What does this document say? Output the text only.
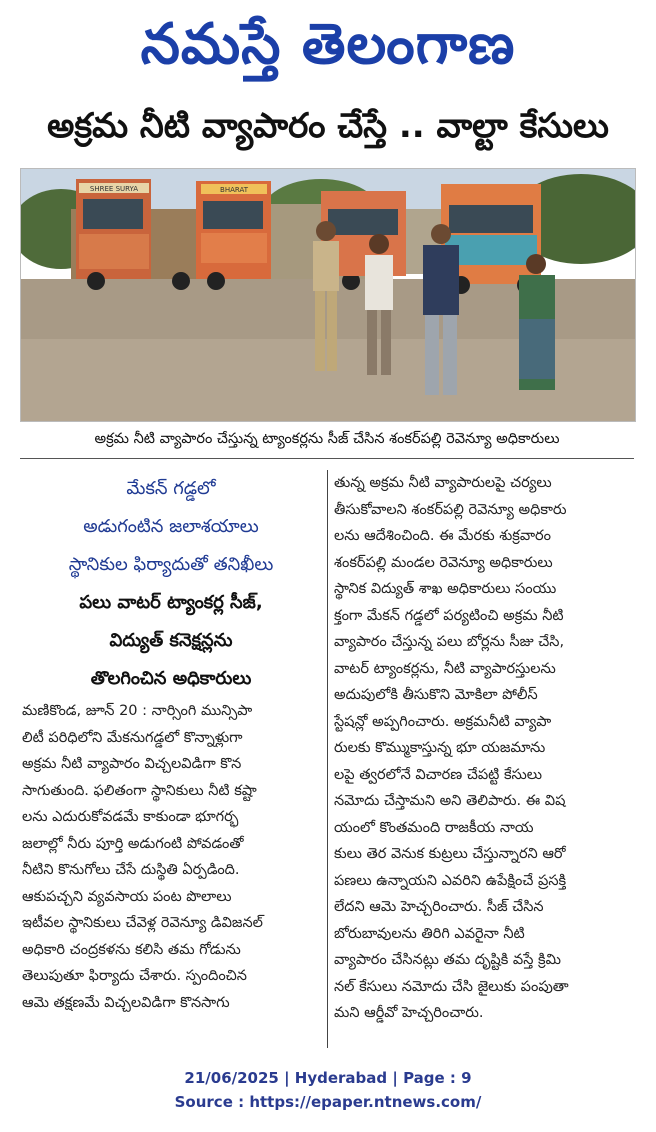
నమస్తే తెలంగాణ
అక్రమ నీటి వ్యాపారం చేస్తే .. వాల్టా కేసులు
SHREE SURYA	BHARAT
అక్రమ నీటి వ్యాపారం చేస్తున్న ట్యాంకర్లను సీజ్ చేసిన శంకర్‌పల్లి రెవెన్యూ అధికారులు
మేకన్ గడ్డలో
అడుగంటిన జలాశయాలు
స్థానికుల ఫిర్యాదుతో తనిఖీలు
పలు వాటర్ ట్యాంకర్ల సీజ్,
విద్యుత్ కనెక్షన్లను
తొలగించిన అధికారులు
మణికొండ, జూన్ 20 : నార్సింగి మున్సిపా
లిటీ పరిధిలోని మేకనుగడ్డలో కొన్నాళ్లుగా
అక్రమ నీటి వ్యాపారం విచ్చలవిడిగా కొన
సాగుతుంది. ఫలితంగా స్థానికులు నీటి కష్టా
లను ఎదురుకోవడమే కాకుండా భూగర్భ
జలాల్లో నీరు పూర్తి అడుగంటి పోవడంతో
నీటిని కొనుగోలు చేసే దుస్థితి ఏర్పడింది.
ఆకుపచ్చని వ్యవసాయ పంట పొలాలు
ఇటీవల స్థానికులు చేవెళ్ల రెవెన్యూ డివిజనల్
అధికారి చంద్రకళను కలిసి తమ గోడును
తెలుపుతూ ఫిర్యాదు చేశారు. స్పందించిన
ఆమె తక్షణమే విచ్చలవిడిగా కొనసాగు
తున్న అక్రమ నీటి వ్యాపారులపై చర్యలు
తీసుకోవాలని శంకర్‌పల్లి రెవెన్యూ అధికారు
లను ఆదేశించింది. ఈ మేరకు శుక్రవారం
శంకర్‌పల్లి మండల రెవెన్యూ అధికారులు
స్థానిక విద్యుత్ శాఖ అధికారులు సంయు
క్తంగా మేకన్ గడ్డలో పర్యటించి అక్రమ నీటి
వ్యాపారం చేస్తున్న పలు బోర్లను సీజు చేసి,
వాటర్ ట్యాంకర్లను, నీటి వ్యాపారస్తులను
అదుపులోకి తీసుకొని మోకిలా పోలీస్
స్టేషన్లో అప్పగించారు. అక్రమనీటి వ్యాపా
రులకు కొమ్ముకాస్తున్న భూ యజమాను
లపై త్వరలోనే విచారణ చేపట్టి కేసులు
నమోదు చేస్తామని అని తెలిపారు. ఈ విష
యంలో కొంతమంది రాజకీయ నాయ
కులు తెర వెనుక కుట్రలు చేస్తున్నారని ఆరో
పణలు ఉన్నాయని ఎవరిని ఉపేక్షించే ప్రసక్తి
లేదని ఆమె హెచ్చరించారు. సీజ్ చేసిన
బోరుబావులను తిరిగి ఎవరైనా నీటి
వ్యాపారం చేసినట్లు తమ దృష్టికి వస్తే క్రిమి
నల్ కేసులు నమోదు చేసి జైలుకు పంపుతా
మని ఆర్డీవో హెచ్చరించారు.
21/06/2025 | Hyderabad | Page : 9
Source : https://epaper.ntnews.com/
